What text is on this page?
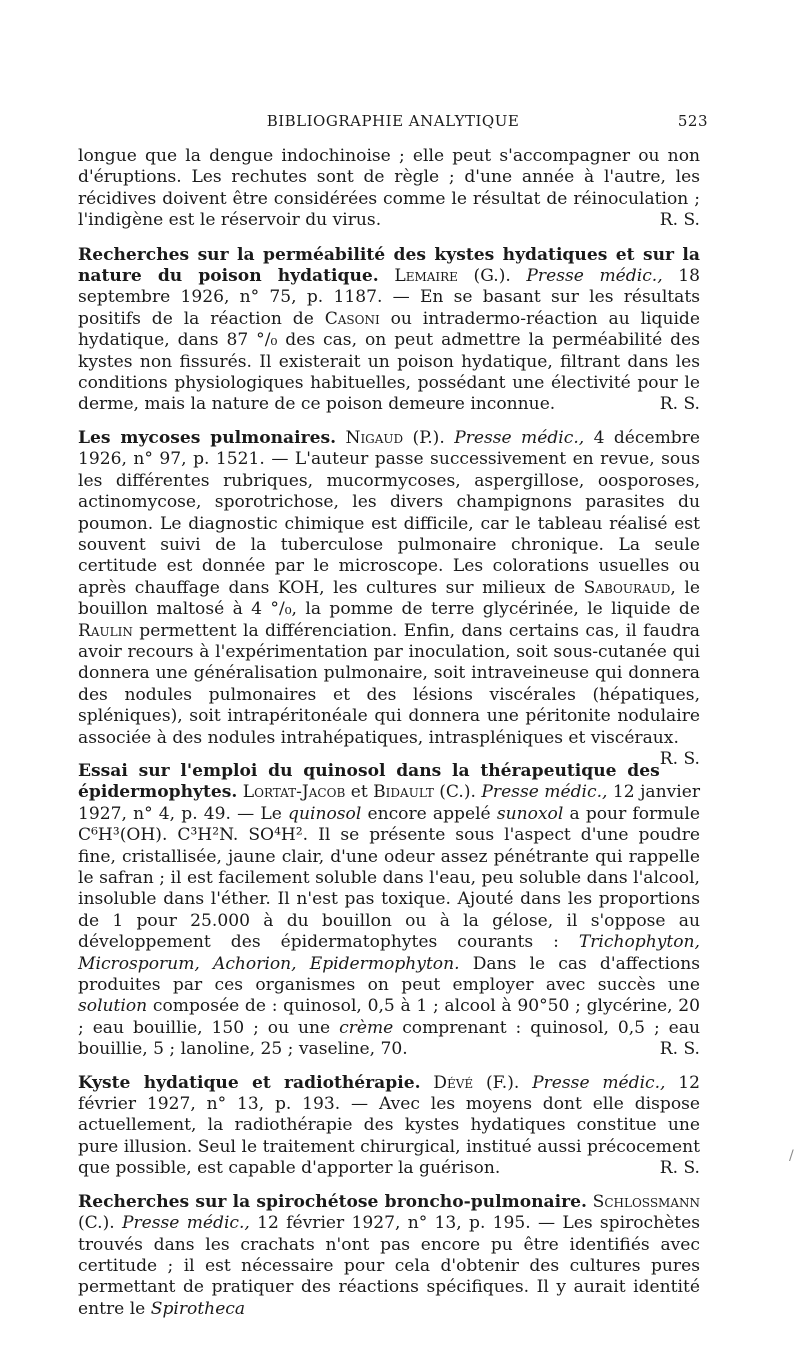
BIBLIOGRAPHIE ANALYTIQUE	523

longue que la dengue indochinoise ; elle peut s'accompagner ou non d'éruptions. Les rechutes sont de règle ; d'une année à l'autre, les récidives doivent être considérées comme le résultat de réinoculation ; l'indigène est le réservoir du virus.	R. S.

Recherches sur la perméabilité des kystes hydatiques et sur la nature du poison hydatique. Lemaire (G.). Presse médic., 18 septembre 1926, n° 75, p. 1187. — En se basant sur les résultats positifs de la réaction de Casoni ou intradermo-réaction au liquide hydatique, dans 87 °/₀ des cas, on peut admettre la perméabilité des kystes non fissurés. Il existerait un poison hydatique, filtrant dans les conditions physiologiques habituelles, possédant une électivité pour le derme, mais la nature de ce poison demeure inconnue.	R. S.

Les mycoses pulmonaires. Nigaud (P.). Presse médic., 4 décembre 1926, n° 97, p. 1521. — L'auteur passe successivement en revue, sous les différentes rubriques, mucormycoses, aspergillose, oosporoses, actinomycose, sporotrichose, les divers champignons parasites du poumon. Le diagnostic chimique est difficile, car le tableau réalisé est souvent suivi de la tuberculose pulmonaire chronique. La seule certitude est donnée par le microscope. Les colorations usuelles ou après chauffage dans KOH, les cultures sur milieux de Sabouraud, le bouillon maltosé à 4 °/₀, la pomme de terre glycérinée, le liquide de Raulin permettent la différenciation. Enfin, dans certains cas, il faudra avoir recours à l'expérimentation par inoculation, soit sous-cutanée qui donnera une généralisation pulmonaire, soit intraveineuse qui donnera des nodules pulmonaires et des lésions viscérales (hépatiques, spléniques), soit intrapéritonéale qui donnera une péritonite nodulaire associée à des nodules intrahépatiques, intraspléniques et viscéraux.
R. S.

Essai sur l'emploi du quinosol dans la thérapeutique des épidermophytes. Lortat-Jacob et Bidault (C.). Presse médic., 12 janvier 1927, n° 4, p. 49. — Le quinosol encore appelé sunoxol a pour formule C⁶H³(OH). C³H²N. SO⁴H². Il se présente sous l'aspect d'une poudre fine, cristallisée, jaune clair, d'une odeur assez pénétrante qui rappelle le safran ; il est facilement soluble dans l'eau, peu soluble dans l'alcool, insoluble dans l'éther. Il n'est pas toxique. Ajouté dans les proportions de 1 pour 25.000 à du bouillon ou à la gélose, il s'oppose au développement des épidermatophytes courants : Trichophyton, Microsporum, Achorion, Epidermophyton. Dans le cas d'affections produites par ces organismes on peut employer avec succès une solution composée de : quinosol, 0,5 à 1 ; alcool à 90°50 ; glycérine, 20 ; eau bouillie, 150 ; ou une crème comprenant : quinosol, 0,5 ; eau bouillie, 5 ; lanoline, 25 ; vaseline, 70.	R. S.

Kyste hydatique et radiothérapie. Dévé (F.). Presse médic., 12 février 1927, n° 13, p. 193. — Avec les moyens dont elle dispose actuellement, la radiothérapie des kystes hydatiques constitue une pure illusion. Seul le traitement chirurgical, institué aussi précocement que possible, est capable d'apporter la guérison.	R. S.

Recherches sur la spirochétose broncho-pulmonaire. Schlossmann (C.). Presse médic., 12 février 1927, n° 13, p. 195. — Les spirochètes trouvés dans les crachats n'ont pas encore pu être identifiés avec certitude ; il est nécessaire pour cela d'obtenir des cultures pures permettant de pratiquer des réactions spécifiques. Il y aurait identité entre le Spirotheca

/
